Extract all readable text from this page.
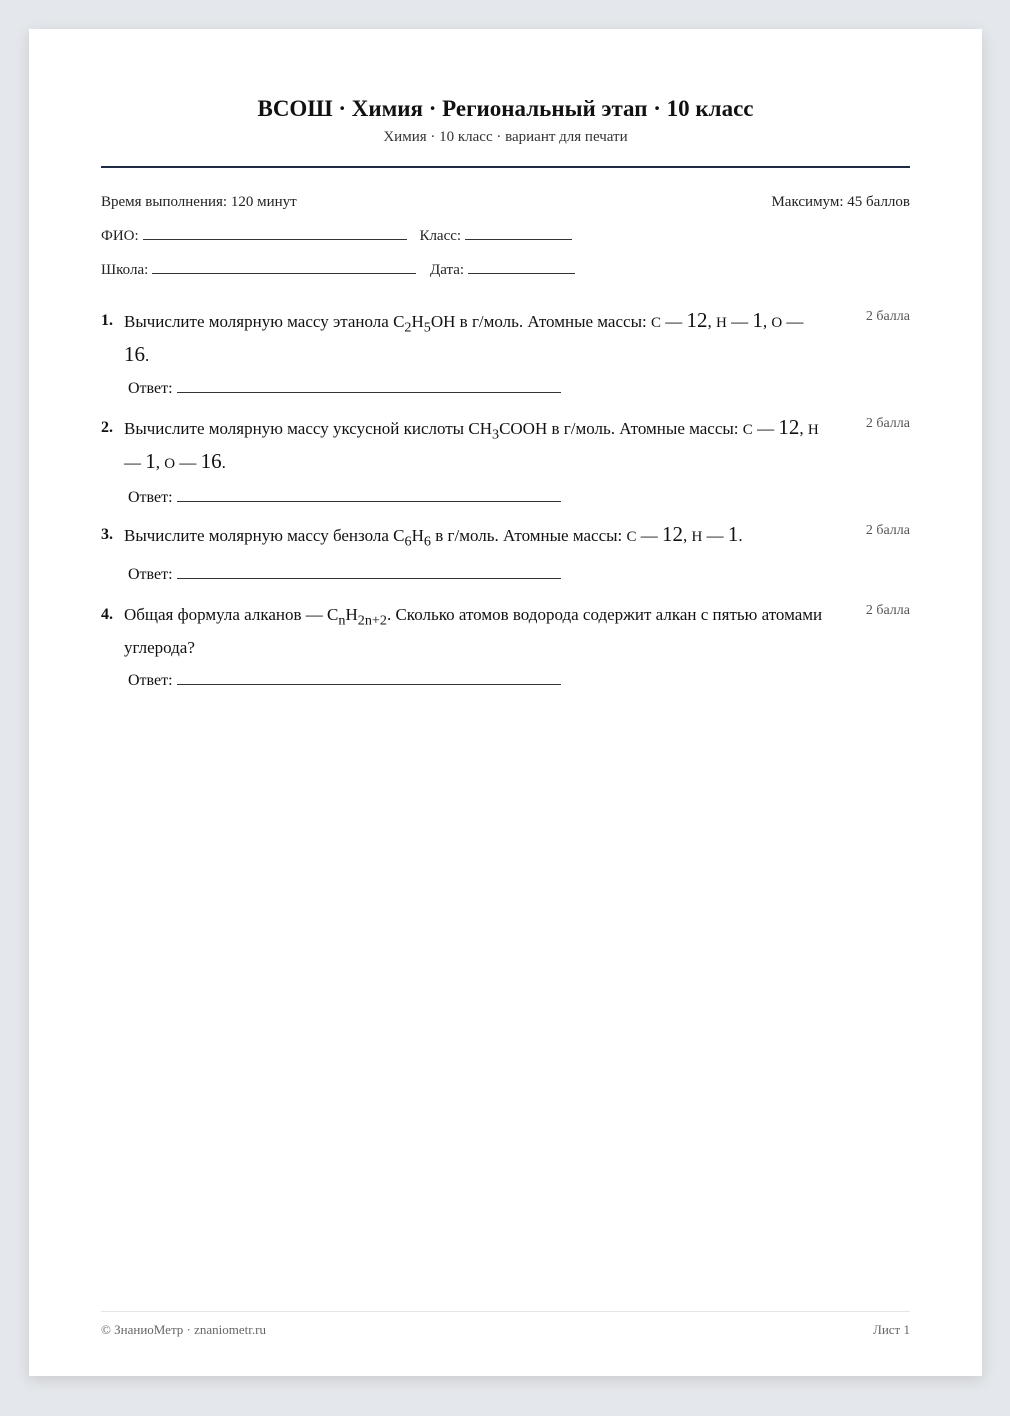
ВСОШ · Химия · Региональный этап · 10 класс
Химия · 10 класс · вариант для печати
Время выполнения: 120 минут	Максимум: 45 баллов
ФИО:	Класс:
Школа:	Дата:
1.	2 балла
Вычислите молярную массу этанола $C_2H_5OH$ в г/моль. Атомные массы: C — 12, H — 1, O — 16.
Ответ:
2.	2 балла
Вычислите молярную массу уксусной кислоты $CH_3COOH$ в г/моль. Атомные массы: C — 12, H — 1, O — 16.
Ответ:
3.	2 балла
Вычислите молярную массу бензола $C_6H_6$ в г/моль. Атомные массы: C — 12, H — 1.
Ответ:
4.	2 балла
Общая формула алканов — $C_nH_{2n+2}$. Сколько атомов водорода содержит алкан с пятью атомами углерода?
Ответ:
© ЗнаниоМетр · znaniometr.ru	Лист 1
